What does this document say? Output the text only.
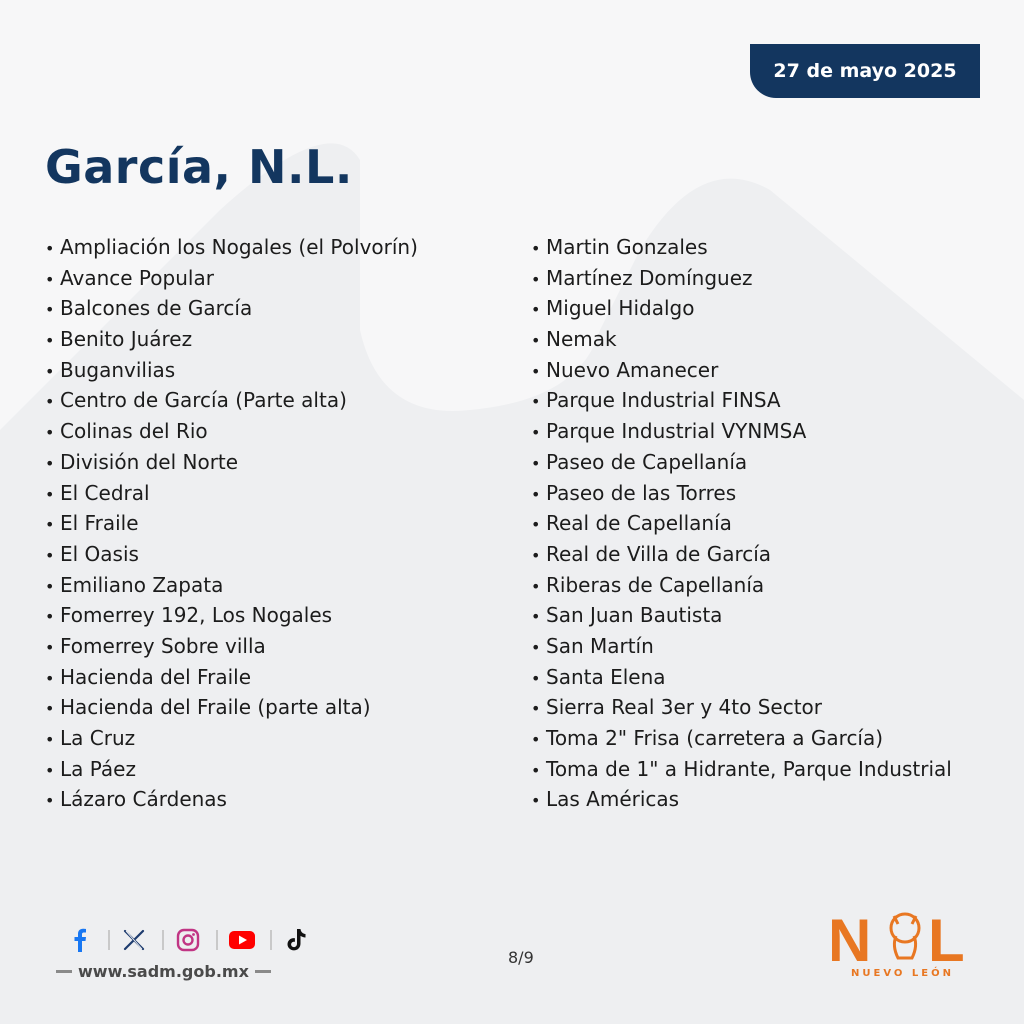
27 de mayo 2025
García, N.L.
• Ampliación los Nogales (el Polvorín)
• Avance Popular
• Balcones de García
• Benito Juárez
• Buganvilias
• Centro de García (Parte alta)
• Colinas del Rio
• División del Norte
• El Cedral
• El Fraile
• El Oasis
• Emiliano Zapata
• Fomerrey 192, Los Nogales
• Fomerrey Sobre villa
• Hacienda del Fraile
• Hacienda del Fraile (parte alta)
• La Cruz
• La Páez
• Lázaro Cárdenas
• Martin Gonzales
• Martínez Domínguez
• Miguel Hidalgo
• Nemak
• Nuevo Amanecer
• Parque Industrial FINSA
• Parque Industrial VYNMSA
• Paseo de Capellanía
• Paseo de las Torres
• Real de Capellanía
• Real de Villa de García
• Riberas de Capellanía
• San Juan Bautista
• San Martín
• Santa Elena
• Sierra Real 3er y 4to Sector
• Toma 2" Frisa (carretera a García)
• Toma de 1" a Hidrante, Parque Industrial
• Las Américas
www.sadm.gob.mx
8/9	N L
NUEVO LEÓN
